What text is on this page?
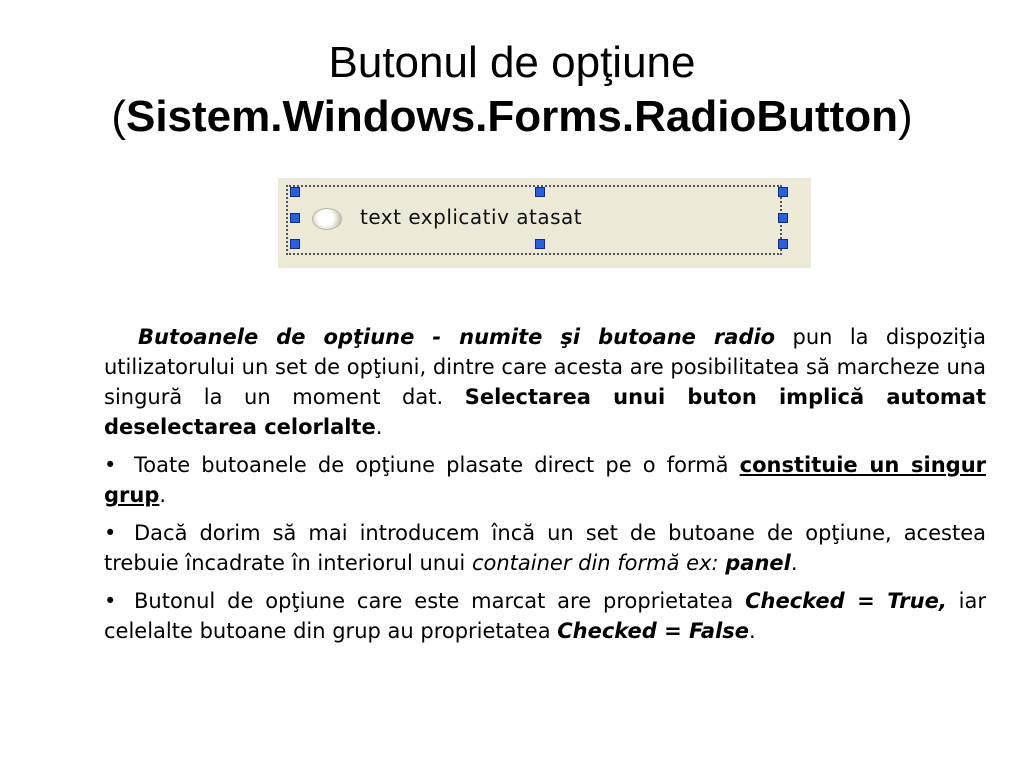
Butonul de opţiune
(Sistem.Windows.Forms.RadioButton)
text explicativ atasat

Butoanele de opţiune - numite şi butoane radio pun la dispoziţia utilizatorului un set de opţiuni, dintre care acesta are posibilitatea să marcheze una singură la un moment dat. Selectarea unui buton implică automat deselectarea celorlalte.

• Toate butoanele de opţiune plasate direct pe o formă constituie un singur grup.

• Dacă dorim să mai introducem încă un set de butoane de opţiune, acestea trebuie încadrate în interiorul unui container din formă ex: panel.

• Butonul de opţiune care este marcat are proprietatea Checked = True, iar celelalte butoane din grup au proprietatea Checked = False.
